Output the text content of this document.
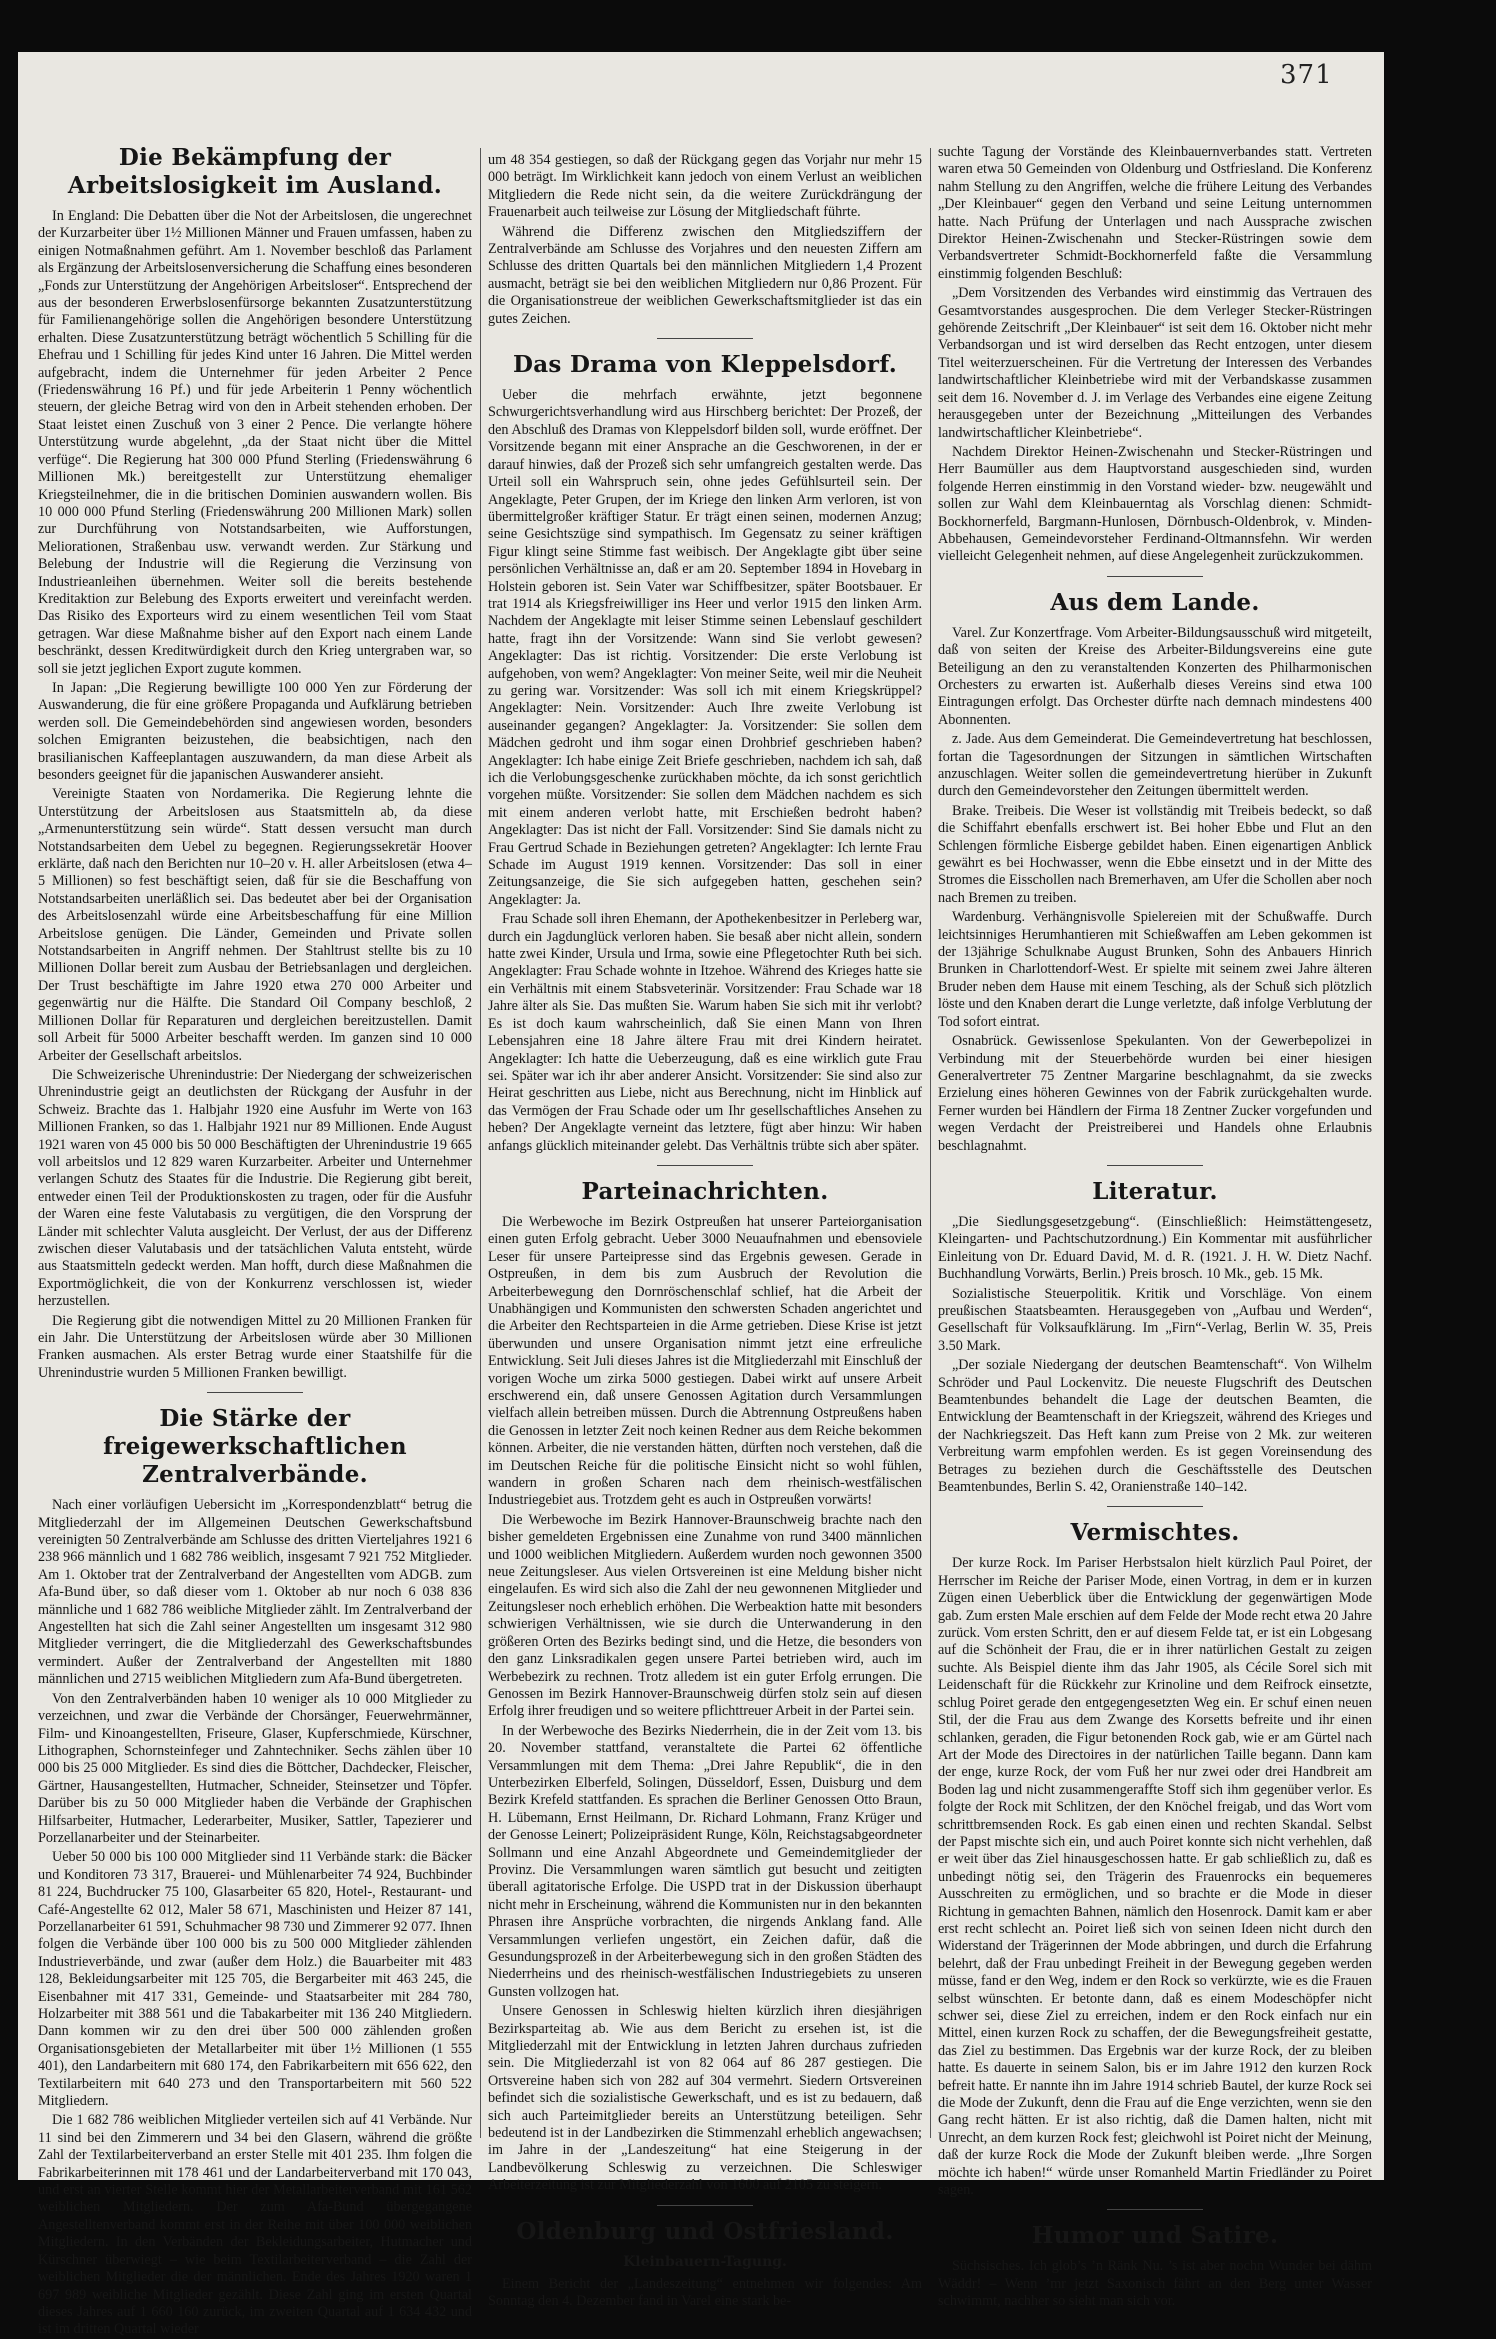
371
Die Bekämpfung der Arbeitslosigkeit im Ausland.

In England: Die Debatten über die Not der Arbeitslosen, die ungerechnet der Kurzarbeiter über 1½ Millionen Männer und Frauen umfassen, haben zu einigen Notmaßnahmen geführt. Am 1. November beschloß das Parlament als Ergänzung der Arbeitslosenversicherung die Schaffung eines besonderen „Fonds zur Unterstützung der Angehörigen Arbeitsloser“. Entsprechend der aus der besonderen Erwerbslosenfürsorge bekannten Zusatzunterstützung für Familienangehörige sollen die Angehörigen besondere Unterstützung erhalten. Diese Zusatzunterstützung beträgt wöchentlich 5 Schilling für die Ehefrau und 1 Schilling für jedes Kind unter 16 Jahren. Die Mittel werden aufgebracht, indem die Unternehmer für jeden Arbeiter 2 Pence (Friedenswährung 16 Pf.) und für jede Arbeiterin 1 Penny wöchentlich steuern, der gleiche Betrag wird von den in Arbeit stehenden erhoben. Der Staat leistet einen Zuschuß von 3 einer 2 Pence. Die verlangte höhere Unterstützung wurde abgelehnt, „da der Staat nicht über die Mittel verfüge“. Die Regierung hat 300 000 Pfund Sterling (Friedenswährung 6 Millionen Mk.) bereitgestellt zur Unterstützung ehemaliger Kriegsteilnehmer, die in die britischen Dominien auswandern wollen. Bis 10 000 000 Pfund Sterling (Friedenswährung 200 Millionen Mark) sollen zur Durchführung von Notstandsarbeiten, wie Aufforstungen, Meliorationen, Straßenbau usw. verwandt werden. Zur Stärkung und Belebung der Industrie will die Regierung die Verzinsung von Industrieanleihen übernehmen. Weiter soll die bereits bestehende Kreditaktion zur Belebung des Exports erweitert und vereinfacht werden. Das Risiko des Exporteurs wird zu einem wesentlichen Teil vom Staat getragen. War diese Maßnahme bisher auf den Export nach einem Lande beschränkt, dessen Kreditwürdigkeit durch den Krieg untergraben war, so soll sie jetzt jeglichen Export zugute kommen.

In Japan: „Die Regierung bewilligte 100 000 Yen zur Förderung der Auswanderung, die für eine größere Propaganda und Aufklärung betrieben werden soll. Die Gemeindebehörden sind angewiesen worden, besonders solchen Emigranten beizustehen, die beabsichtigen, nach den brasilianischen Kaffeeplantagen auszuwandern, da man diese Arbeit als besonders geeignet für die japanischen Auswanderer ansieht.

Vereinigte Staaten von Nordamerika. Die Regierung lehnte die Unterstützung der Arbeitslosen aus Staatsmitteln ab, da diese „Armenunterstützung sein würde“. Statt dessen versucht man durch Notstandsarbeiten dem Uebel zu begegnen. Regierungssekretär Hoover erklärte, daß nach den Berichten nur 10–20 v. H. aller Arbeitslosen (etwa 4–5 Millionen) so fest beschäftigt seien, daß für sie die Beschaffung von Notstandsarbeiten unerläßlich sei. Das bedeutet aber bei der Organisation des Arbeitslosenzahl würde eine Arbeitsbeschaffung für eine Million Arbeitslose genügen. Die Länder, Gemeinden und Private sollen Notstandsarbeiten in Angriff nehmen. Der Stahltrust stellte bis zu 10 Millionen Dollar bereit zum Ausbau der Betriebsanlagen und dergleichen. Der Trust beschäftigte im Jahre 1920 etwa 270 000 Arbeiter und gegenwärtig nur die Hälfte. Die Standard Oil Company beschloß, 2 Millionen Dollar für Reparaturen und dergleichen bereitzustellen. Damit soll Arbeit für 5000 Arbeiter beschafft werden. Im ganzen sind 10 000 Arbeiter der Gesellschaft arbeitslos.

Die Schweizerische Uhrenindustrie: Der Niedergang der schweizerischen Uhrenindustrie geigt an deutlichsten der Rückgang der Ausfuhr in der Schweiz. Brachte das 1. Halbjahr 1920 eine Ausfuhr im Werte von 163 Millionen Franken, so das 1. Halbjahr 1921 nur 89 Millionen. Ende August 1921 waren von 45 000 bis 50 000 Beschäftigten der Uhrenindustrie 19 665 voll arbeitslos und 12 829 waren Kurzarbeiter. Arbeiter und Unternehmer verlangen Schutz des Staates für die Industrie. Die Regierung gibt bereit, entweder einen Teil der Produktionskosten zu tragen, oder für die Ausfuhr der Waren eine feste Valutabasis zu vergütigen, die den Vorsprung der Länder mit schlechter Valuta ausgleicht. Der Verlust, der aus der Differenz zwischen dieser Valutabasis und der tatsächlichen Valuta entsteht, würde aus Staatsmitteln gedeckt werden. Man hofft, durch diese Maßnahmen die Exportmöglichkeit, die von der Konkurrenz verschlossen ist, wieder herzustellen.

Die Regierung gibt die notwendigen Mittel zu 20 Millionen Franken für ein Jahr. Die Unterstützung der Arbeitslosen würde aber 30 Millionen Franken ausmachen. Als erster Betrag wurde einer Staatshilfe für die Uhrenindustrie wurden 5 Millionen Franken bewilligt.

Die Stärke der freigewerkschaftlichen Zentralverbände.

Nach einer vorläufigen Uebersicht im „Korrespondenzblatt“ betrug die Mitgliederzahl der im Allgemeinen Deutschen Gewerkschaftsbund vereinigten 50 Zentralverbände am Schlusse des dritten Vierteljahres 1921 6 238 966 männlich und 1 682 786 weiblich, insgesamt 7 921 752 Mitglieder. Am 1. Oktober trat der Zentralverband der Angestellten vom ADGB. zum Afa-Bund über, so daß dieser vom 1. Oktober ab nur noch 6 038 836 männliche und 1 682 786 weibliche Mitglieder zählt. Im Zentralverband der Angestellten hat sich die Zahl seiner Angestellten um insgesamt 312 980 Mitglieder verringert, die die Mitgliederzahl des Gewerkschaftsbundes vermindert. Außer der Zentralverband der Angestellten mit 1880 männlichen und 2715 weiblichen Mitgliedern zum Afa-Bund übergetreten.

Von den Zentralverbänden haben 10 weniger als 10 000 Mitglieder zu verzeichnen, und zwar die Verbände der Chorsänger, Feuerwehrmänner, Film- und Kinoangestellten, Friseure, Glaser, Kupferschmiede, Kürschner, Lithographen, Schornsteinfeger und Zahntechniker. Sechs zählen über 10 000 bis 25 000 Mitglieder. Es sind dies die Böttcher, Dachdecker, Fleischer, Gärtner, Hausangestellten, Hutmacher, Schneider, Steinsetzer und Töpfer. Darüber bis zu 50 000 Mitglieder haben die Verbände der Graphischen Hilfsarbeiter, Hutmacher, Lederarbeiter, Musiker, Sattler, Tapezierer und Porzellanarbeiter und der Steinarbeiter.

Ueber 50 000 bis 100 000 Mitglieder sind 11 Verbände stark: die Bäcker und Konditoren 73 317, Brauerei- und Mühlenarbeiter 74 924, Buchbinder 81 224, Buchdrucker 75 100, Glasarbeiter 65 820, Hotel-, Restaurant- und Café-Angestellte 62 012, Maler 58 671, Maschinisten und Heizer 87 141, Porzellanarbeiter 61 591, Schuhmacher 98 730 und Zimmerer 92 077. Ihnen folgen die Verbände über 100 000 bis zu 500 000 Mitglieder zählenden Industrieverbände, und zwar (außer dem Holz.) die Bauarbeiter mit 483 128, Bekleidungsarbeiter mit 125 705, die Bergarbeiter mit 463 245, die Eisenbahner mit 417 331, Gemeinde- und Staatsarbeiter mit 284 780, Holzarbeiter mit 388 561 und die Tabakarbeiter mit 136 240 Mitgliedern. Dann kommen wir zu den drei über 500 000 zählenden großen Organisationsgebieten der Metallarbeiter mit über 1½ Millionen (1 555 401), den Landarbeitern mit 680 174, den Fabrikarbeitern mit 656 622, den Textilarbeitern mit 640 273 und den Transportarbeitern mit 560 522 Mitgliedern.

Die 1 682 786 weiblichen Mitglieder verteilen sich auf 41 Verbände. Nur 11 sind bei den Zimmerern und 34 bei den Glasern, während die größte Zahl der Textilarbeiterverband an erster Stelle mit 401 235. Ihm folgen die Fabrikarbeiterinnen mit 178 461 und der Landarbeiterverband mit 170 043, und erst an vierter Stelle kommt hier der Metallarbeiterverband mit 161 562 weiblichen Mitgliedern. Der zum Afa-Bund übergegangene Angestelltenverband kommt erst in der Reihe mit über 100 000 weiblichen Mitgliedern. In den Verbänden der Bekleidungsarbeiter, Hutmacher und Kürschner überwiegt – wie beim Textilarbeiterverband – die Zahl der weiblichen Mitglieder die der männlichen. Ende des Jahres 1920 waren 1 697 989 weibliche Mitglieder gezählt. Diese Zahl ging im ersten Quartal dieses Jahres auf 1 660 160 zurück, im zweiten Quartal auf 1 634 432 und ist im dritten Quartal wieder

um 48 354 gestiegen, so daß der Rückgang gegen das Vorjahr nur mehr 15 000 beträgt. Im Wirklichkeit kann jedoch von einem Verlust an weiblichen Mitgliedern die Rede nicht sein, da die weitere Zurückdrängung der Frauenarbeit auch teilweise zur Lösung der Mitgliedschaft führte.

Während die Differenz zwischen den Mitgliedsziffern der Zentralverbände am Schlusse des Vorjahres und den neuesten Ziffern am Schlusse des dritten Quartals bei den männlichen Mitgliedern 1,4 Prozent ausmacht, beträgt sie bei den weiblichen Mitgliedern nur 0,86 Prozent. Für die Organisationstreue der weiblichen Gewerkschaftsmitglieder ist das ein gutes Zeichen.

Das Drama von Kleppelsdorf.

Ueber die mehrfach erwähnte, jetzt begonnene Schwurgerichtsverhandlung wird aus Hirschberg berichtet: Der Prozeß, der den Abschluß des Dramas von Kleppelsdorf bilden soll, wurde eröffnet. Der Vorsitzende begann mit einer Ansprache an die Geschworenen, in der er darauf hinwies, daß der Prozeß sich sehr umfangreich gestalten werde. Das Urteil soll ein Wahrspruch sein, ohne jedes Gefühlsurteil sein. Der Angeklagte, Peter Grupen, der im Kriege den linken Arm verloren, ist von übermittelgroßer kräftiger Statur. Er trägt einen seinen, modernen Anzug; seine Gesichtszüge sind sympathisch. Im Gegensatz zu seiner kräftigen Figur klingt seine Stimme fast weibisch. Der Angeklagte gibt über seine persönlichen Verhältnisse an, daß er am 20. September 1894 in Hovebarg in Holstein geboren ist. Sein Vater war Schiffbesitzer, später Bootsbauer. Er trat 1914 als Kriegsfreiwilliger ins Heer und verlor 1915 den linken Arm. Nachdem der Angeklagte mit leiser Stimme seinen Lebenslauf geschildert hatte, fragt ihn der Vorsitzende: Wann sind Sie verlobt gewesen? Angeklagter: Das ist richtig. Vorsitzender: Die erste Verlobung ist aufgehoben, von wem? Angeklagter: Von meiner Seite, weil mir die Neuheit zu gering war. Vorsitzender: Was soll ich mit einem Kriegskrüppel? Angeklagter: Nein. Vorsitzender: Auch Ihre zweite Verlobung ist auseinander gegangen? Angeklagter: Ja. Vorsitzender: Sie sollen dem Mädchen gedroht und ihm sogar einen Drohbrief geschrieben haben? Angeklagter: Ich habe einige Zeit Briefe geschrieben, nachdem ich sah, daß ich die Verlobungsgeschenke zurückhaben möchte, da ich sonst gerichtlich vorgehen müßte. Vorsitzender: Sie sollen dem Mädchen nachdem es sich mit einem anderen verlobt hatte, mit Erschießen bedroht haben? Angeklagter: Das ist nicht der Fall. Vorsitzender: Sind Sie damals nicht zu Frau Gertrud Schade in Beziehungen getreten? Angeklagter: Ich lernte Frau Schade im August 1919 kennen. Vorsitzender: Das soll in einer Zeitungsanzeige, die Sie sich aufgegeben hatten, geschehen sein? Angeklagter: Ja.

Frau Schade soll ihren Ehemann, der Apothekenbesitzer in Perleberg war, durch ein Jagdunglück verloren haben. Sie besaß aber nicht allein, sondern hatte zwei Kinder, Ursula und Irma, sowie eine Pflegetochter Ruth bei sich. Angeklagter: Frau Schade wohnte in Itzehoe. Während des Krieges hatte sie ein Verhältnis mit einem Stabsveterinär. Vorsitzender: Frau Schade war 18 Jahre älter als Sie. Das mußten Sie. Warum haben Sie sich mit ihr verlobt? Es ist doch kaum wahrscheinlich, daß Sie einen Mann von Ihren Lebensjahren eine 18 Jahre ältere Frau mit drei Kindern heiratet. Angeklagter: Ich hatte die Ueberzeugung, daß es eine wirklich gute Frau sei. Später war ich ihr aber anderer Ansicht. Vorsitzender: Sie sind also zur Heirat geschritten aus Liebe, nicht aus Berechnung, nicht im Hinblick auf das Vermögen der Frau Schade oder um Ihr gesellschaftliches Ansehen zu heben? Der Angeklagte verneint das letztere, fügt aber hinzu: Wir haben anfangs glücklich miteinander gelebt. Das Verhältnis trübte sich aber später.

Parteinachrichten.

Die Werbewoche im Bezirk Ostpreußen hat unserer Parteiorganisation einen guten Erfolg gebracht. Ueber 3000 Neuaufnahmen und ebensoviele Leser für unsere Parteipresse sind das Ergebnis gewesen. Gerade in Ostpreußen, in dem bis zum Ausbruch der Revolution die Arbeiterbewegung den Dornröschenschlaf schlief, hat die Arbeit der Unabhängigen und Kommunisten den schwersten Schaden angerichtet und die Arbeiter den Rechtsparteien in die Arme getrieben. Diese Krise ist jetzt überwunden und unsere Organisation nimmt jetzt eine erfreuliche Entwicklung. Seit Juli dieses Jahres ist die Mitgliederzahl mit Einschluß der vorigen Woche um zirka 5000 gestiegen. Dabei wirkt auf unsere Arbeit erschwerend ein, daß unsere Genossen Agitation durch Versammlungen vielfach allein betreiben müssen. Durch die Abtrennung Ostpreußens haben die Genossen in letzter Zeit noch keinen Redner aus dem Reiche bekommen können. Arbeiter, die nie verstanden hätten, dürften noch verstehen, daß die im Deutschen Reiche für die politische Einsicht nicht so wohl fühlen, wandern in großen Scharen nach dem rheinisch-westfälischen Industriegebiet aus. Trotzdem geht es auch in Ostpreußen vorwärts!

Die Werbewoche im Bezirk Hannover-Braunschweig brachte nach den bisher gemeldeten Ergebnissen eine Zunahme von rund 3400 männlichen und 1000 weiblichen Mitgliedern. Außerdem wurden noch gewonnen 3500 neue Zeitungsleser. Aus vielen Ortsvereinen ist eine Meldung bisher nicht eingelaufen. Es wird sich also die Zahl der neu gewonnenen Mitglieder und Zeitungsleser noch erheblich erhöhen. Die Werbeaktion hatte mit besonders schwierigen Verhältnissen, wie sie durch die Unterwanderung in den größeren Orten des Bezirks bedingt sind, und die Hetze, die besonders von den ganz Linksradikalen gegen unsere Partei betrieben wird, auch im Werbebezirk zu rechnen. Trotz alledem ist ein guter Erfolg errungen. Die Genossen im Bezirk Hannover-Braunschweig dürfen stolz sein auf diesen Erfolg ihrer freudigen und so weitere pflichttreuer Arbeit in der Partei sein.

In der Werbewoche des Bezirks Niederrhein, die in der Zeit vom 13. bis 20. November stattfand, veranstaltete die Partei 62 öffentliche Versammlungen mit dem Thema: „Drei Jahre Republik“, die in den Unterbezirken Elberfeld, Solingen, Düsseldorf, Essen, Duisburg und dem Bezirk Krefeld stattfanden. Es sprachen die Berliner Genossen Otto Braun, H. Lübemann, Ernst Heilmann, Dr. Richard Lohmann, Franz Krüger und der Genosse Leinert; Polizeipräsident Runge, Köln, Reichstagsabgeordneter Sollmann und eine Anzahl Abgeordnete und Gemeindemitglieder der Provinz. Die Versammlungen waren sämtlich gut besucht und zeitigten überall agitatorische Erfolge. Die USPD trat in der Diskussion überhaupt nicht mehr in Erscheinung, während die Kommunisten nur in den bekannten Phrasen ihre Ansprüche vorbrachten, die nirgends Anklang fand. Alle Versammlungen verliefen ungestört, ein Zeichen dafür, daß die Gesundungsprozeß in der Arbeiterbewegung sich in den großen Städten des Niederrheins und des rheinisch-westfälischen Industriegebiets zu unseren Gunsten vollzogen hat.

Unsere Genossen in Schleswig hielten kürzlich ihren diesjährigen Bezirksparteitag ab. Wie aus dem Bericht zu ersehen ist, ist die Mitgliederzahl mit der Entwicklung in letzten Jahren durchaus zufrieden sein. Die Mitgliederzahl ist von 82 064 auf 86 287 gestiegen. Die Ortsvereine haben sich von 282 auf 304 vermehrt. Siedern Ortsvereinen befindet sich die sozialistische Gewerkschaft, und es ist zu bedauern, daß sich auch Parteimitglieder bereits an Unterstützung beteiligen. Sehr bedeutend ist in der Landbezirken die Stimmenzahl erheblich angewachsen; im Jahre in der „Landeszeitung“ hat eine Steigerung in der Landbevölkerung Schleswig zu verzeichnen. Die Schleswiger Arbeiterzeitung ist zur Mitgliederzahl von 1600 auf 2105 zu steigern.

Oldenburg und Ostfriesland.
Kleinbauern-Tagung.

Einem Bericht der „Landeszeitung“ entnehmen wir folgendes: Am Sonntag den 4. Dezember fand in Varel eine stark be-

suchte Tagung der Vorstände des Kleinbauernverbandes statt. Vertreten waren etwa 50 Gemeinden von Oldenburg und Ostfriesland. Die Konferenz nahm Stellung zu den Angriffen, welche die frühere Leitung des Verbandes „Der Kleinbauer“ gegen den Verband und seine Leitung unternommen hatte. Nach Prüfung der Unterlagen und nach Aussprache zwischen Direktor Heinen-Zwischenahn und Stecker-Rüstringen sowie dem Verbandsvertreter Schmidt-Bockhornerfeld faßte die Versammlung einstimmig folgenden Beschluß:

„Dem Vorsitzenden des Verbandes wird einstimmig das Vertrauen des Gesamtvorstandes ausgesprochen. Die dem Verleger Stecker-Rüstringen gehörende Zeitschrift „Der Kleinbauer“ ist seit dem 16. Oktober nicht mehr Verbandsorgan und ist wird derselben das Recht entzogen, unter diesem Titel weiterzuerscheinen. Für die Vertretung der Interessen des Verbandes landwirtschaftlicher Kleinbetriebe wird mit der Verbandskasse zusammen seit dem 16. November d. J. im Verlage des Verbandes eine eigene Zeitung herausgegeben unter der Bezeichnung „Mitteilungen des Verbandes landwirtschaftlicher Kleinbetriebe“.

Nachdem Direktor Heinen-Zwischenahn und Stecker-Rüstringen und Herr Baumüller aus dem Hauptvorstand ausgeschieden sind, wurden folgende Herren einstimmig in den Vorstand wieder- bzw. neugewählt und sollen zur Wahl dem Kleinbauerntag als Vorschlag dienen: Schmidt-Bockhornerfeld, Bargmann-Hunlosen, Dörnbusch-Oldenbrok, v. Minden-Abbehausen, Gemeindevorsteher Ferdinand-Oltmannsfehn. Wir werden vielleicht Gelegenheit nehmen, auf diese Angelegenheit zurückzukommen.

Aus dem Lande.

Varel. Zur Konzertfrage. Vom Arbeiter-Bildungsausschuß wird mitgeteilt, daß von seiten der Kreise des Arbeiter-Bildungsvereins eine gute Beteiligung an den zu veranstaltenden Konzerten des Philharmonischen Orchesters zu erwarten ist. Außerhalb dieses Vereins sind etwa 100 Eintragungen erfolgt. Das Orchester dürfte nach demnach mindestens 400 Abonnenten.

z. Jade. Aus dem Gemeinderat. Die Gemeindevertretung hat beschlossen, fortan die Tagesordnungen der Sitzungen in sämtlichen Wirtschaften anzuschlagen. Weiter sollen die gemeindevertretung hierüber in Zukunft durch den Gemeindevorsteher den Zeitungen übermittelt werden.

Brake. Treibeis. Die Weser ist vollständig mit Treibeis bedeckt, so daß die Schiffahrt ebenfalls erschwert ist. Bei hoher Ebbe und Flut an den Schlengen förmliche Eisberge gebildet haben. Einen eigenartigen Anblick gewährt es bei Hochwasser, wenn die Ebbe einsetzt und in der Mitte des Stromes die Eisschollen nach Bremerhaven, am Ufer die Schollen aber noch nach Bremen zu treiben.

Wardenburg. Verhängnisvolle Spielereien mit der Schußwaffe. Durch leichtsinniges Herumhantieren mit Schießwaffen am Leben gekommen ist der 13jährige Schulknabe August Brunken, Sohn des Anbauers Hinrich Brunken in Charlottendorf-West. Er spielte mit seinem zwei Jahre älteren Bruder neben dem Hause mit einem Tesching, als der Schuß sich plötzlich löste und den Knaben derart die Lunge verletzte, daß infolge Verblutung der Tod sofort eintrat.

Osnabrück. Gewissenlose Spekulanten. Von der Gewerbepolizei in Verbindung mit der Steuerbehörde wurden bei einer hiesigen Generalvertreter 75 Zentner Margarine beschlagnahmt, da sie zwecks Erzielung eines höheren Gewinnes von der Fabrik zurückgehalten wurde. Ferner wurden bei Händlern der Firma 18 Zentner Zucker vorgefunden und wegen Verdacht der Preistreiberei und Handels ohne Erlaubnis beschlagnahmt.

Literatur.

„Die Siedlungsgesetzgebung“. (Einschließlich: Heimstättengesetz, Kleingarten- und Pachtschutzordnung.) Ein Kommentar mit ausführlicher Einleitung von Dr. Eduard David, M. d. R. (1921. J. H. W. Dietz Nachf. Buchhandlung Vorwärts, Berlin.) Preis brosch. 10 Mk., geb. 15 Mk.

Sozialistische Steuerpolitik. Kritik und Vorschläge. Von einem preußischen Staatsbeamten. Herausgegeben von „Aufbau und Werden“, Gesellschaft für Volksaufklärung. Im „Firn“-Verlag, Berlin W. 35, Preis 3.50 Mark.

„Der soziale Niedergang der deutschen Beamtenschaft“. Von Wilhelm Schröder und Paul Lockenvitz. Die neueste Flugschrift des Deutschen Beamtenbundes behandelt die Lage der deutschen Beamten, die Entwicklung der Beamtenschaft in der Kriegszeit, während des Krieges und der Nachkriegszeit. Das Heft kann zum Preise von 2 Mk. zur weiteren Verbreitung warm empfohlen werden. Es ist gegen Voreinsendung des Betrages zu beziehen durch die Geschäftsstelle des Deutschen Beamtenbundes, Berlin S. 42, Oranienstraße 140–142.

Vermischtes.

Der kurze Rock. Im Pariser Herbstsalon hielt kürzlich Paul Poiret, der Herrscher im Reiche der Pariser Mode, einen Vortrag, in dem er in kurzen Zügen einen Ueberblick über die Entwicklung der gegenwärtigen Mode gab. Zum ersten Male erschien auf dem Felde der Mode recht etwa 20 Jahre zurück. Vom ersten Schritt, den er auf diesem Felde tat, er ist ein Lobgesang auf die Schönheit der Frau, die er in ihrer natürlichen Gestalt zu zeigen suchte. Als Beispiel diente ihm das Jahr 1905, als Cécile Sorel sich mit Leidenschaft für die Rückkehr zur Krinoline und dem Reifrock einsetzte, schlug Poiret gerade den entgegengesetzten Weg ein. Er schuf einen neuen Stil, der die Frau aus dem Zwange des Korsetts befreite und ihr einen schlanken, geraden, die Figur betonenden Rock gab, wie er am Gürtel nach Art der Mode des Directoires in der natürlichen Taille begann. Dann kam der enge, kurze Rock, der vom Fuß her nur zwei oder drei Handbreit am Boden lag und nicht zusammengeraffte Stoff sich ihm gegenüber verlor. Es folgte der Rock mit Schlitzen, der den Knöchel freigab, und das Wort vom schrittbremsenden Rock. Es gab einen einen und rechten Skandal. Selbst der Papst mischte sich ein, und auch Poiret konnte sich nicht verhehlen, daß er weit über das Ziel hinausgeschossen hatte. Er gab schließlich zu, daß es unbedingt nötig sei, den Trägerin des Frauenrocks ein bequemeres Ausschreiten zu ermöglichen, und so brachte er die Mode in dieser Richtung in gemachten Bahnen, nämlich den Hosenrock. Damit kam er aber erst recht schlecht an. Poiret ließ sich von seinen Ideen nicht durch den Widerstand der Trägerinnen der Mode abbringen, und durch die Erfahrung belehrt, daß der Frau unbedingt Freiheit in der Bewegung gegeben werden müsse, fand er den Weg, indem er den Rock so verkürzte, wie es die Frauen selbst wünschten. Er betonte dann, daß es einem Modeschöpfer nicht schwer sei, diese Ziel zu erreichen, indem er den Rock einfach nur ein Mittel, einen kurzen Rock zu schaffen, der die Bewegungsfreiheit gestatte, das Ziel zu bestimmen. Das Ergebnis war der kurze Rock, der zu bleiben hatte. Es dauerte in seinem Salon, bis er im Jahre 1912 den kurzen Rock befreit hatte. Er nannte ihn im Jahre 1914 schrieb Bautel, der kurze Rock sei die Mode der Zukunft, denn die Frau auf die Enge verzichten, wenn sie den Gang recht hätten. Er ist also richtig, daß die Damen halten, nicht mit Unrecht, an dem kurzen Rock fest; gleichwohl ist Poiret nicht der Meinung, daß der kurze Rock die Mode der Zukunft bleiben werde. „Ihre Sorgen möchte ich haben!“ würde unser Romanheld Martin Friedländer zu Poiret sagen.

Humor und Satire.

Süchsisches. Ich glob’s ’n Ränk Nu. ’s ist aber nochn Wunder bei dähm Wäddr! – Wenn ’mr jetzt Saxonisch fährt an den Berg unter Wasser schwimmt, nachher so sieht man sich vor.
